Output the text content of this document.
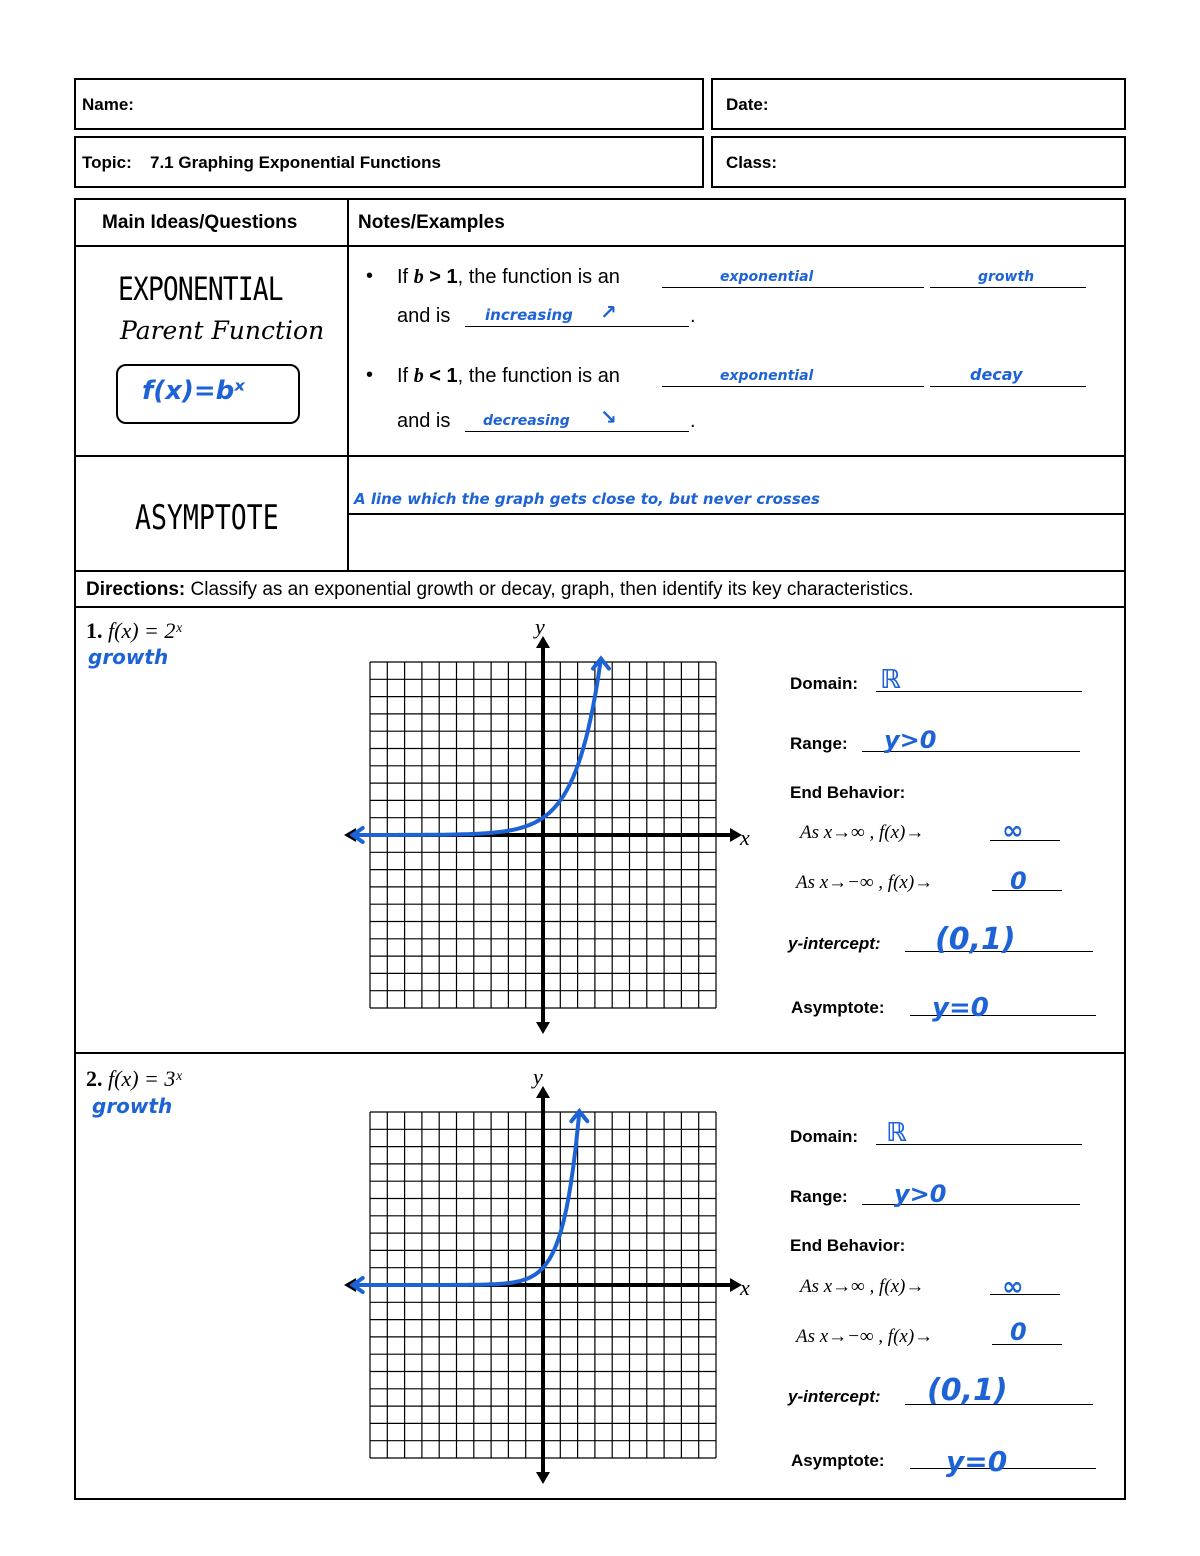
Name:	Date:
Topic: 7.1 Graphing Exponential Functions	Class:
Main Ideas/Questions	Notes/Examples
EXPONENTIAL
Parent Function
f(x)=bˣ
• If b > 1, the function is an	exponential	growth
and is increasing ↗	.
• If b < 1, the function is an	exponential	decay
and is decreasing ↘	.
ASYMPTOTE	A line which the graph gets close to, but never crosses
Directions: Classify as an exponential growth or decay, graph, then identify its key characteristics.
1. f(x) = 2ˣ
growth
y
x
Domain: ℝ
Range: y>0
End Behavior:
As x→∞ , f(x)→	∞
As x→−∞ , f(x)→	0
y-intercept: (0,1)
Asymptote: y=0
2. f(x) = 3ˣ
growth
y
x
Domain: ℝ
Range: y>0
End Behavior:
As x→∞ , f(x)→	∞
As x→−∞ , f(x)→	0
y-intercept: (0,1)
Asymptote: y=0
